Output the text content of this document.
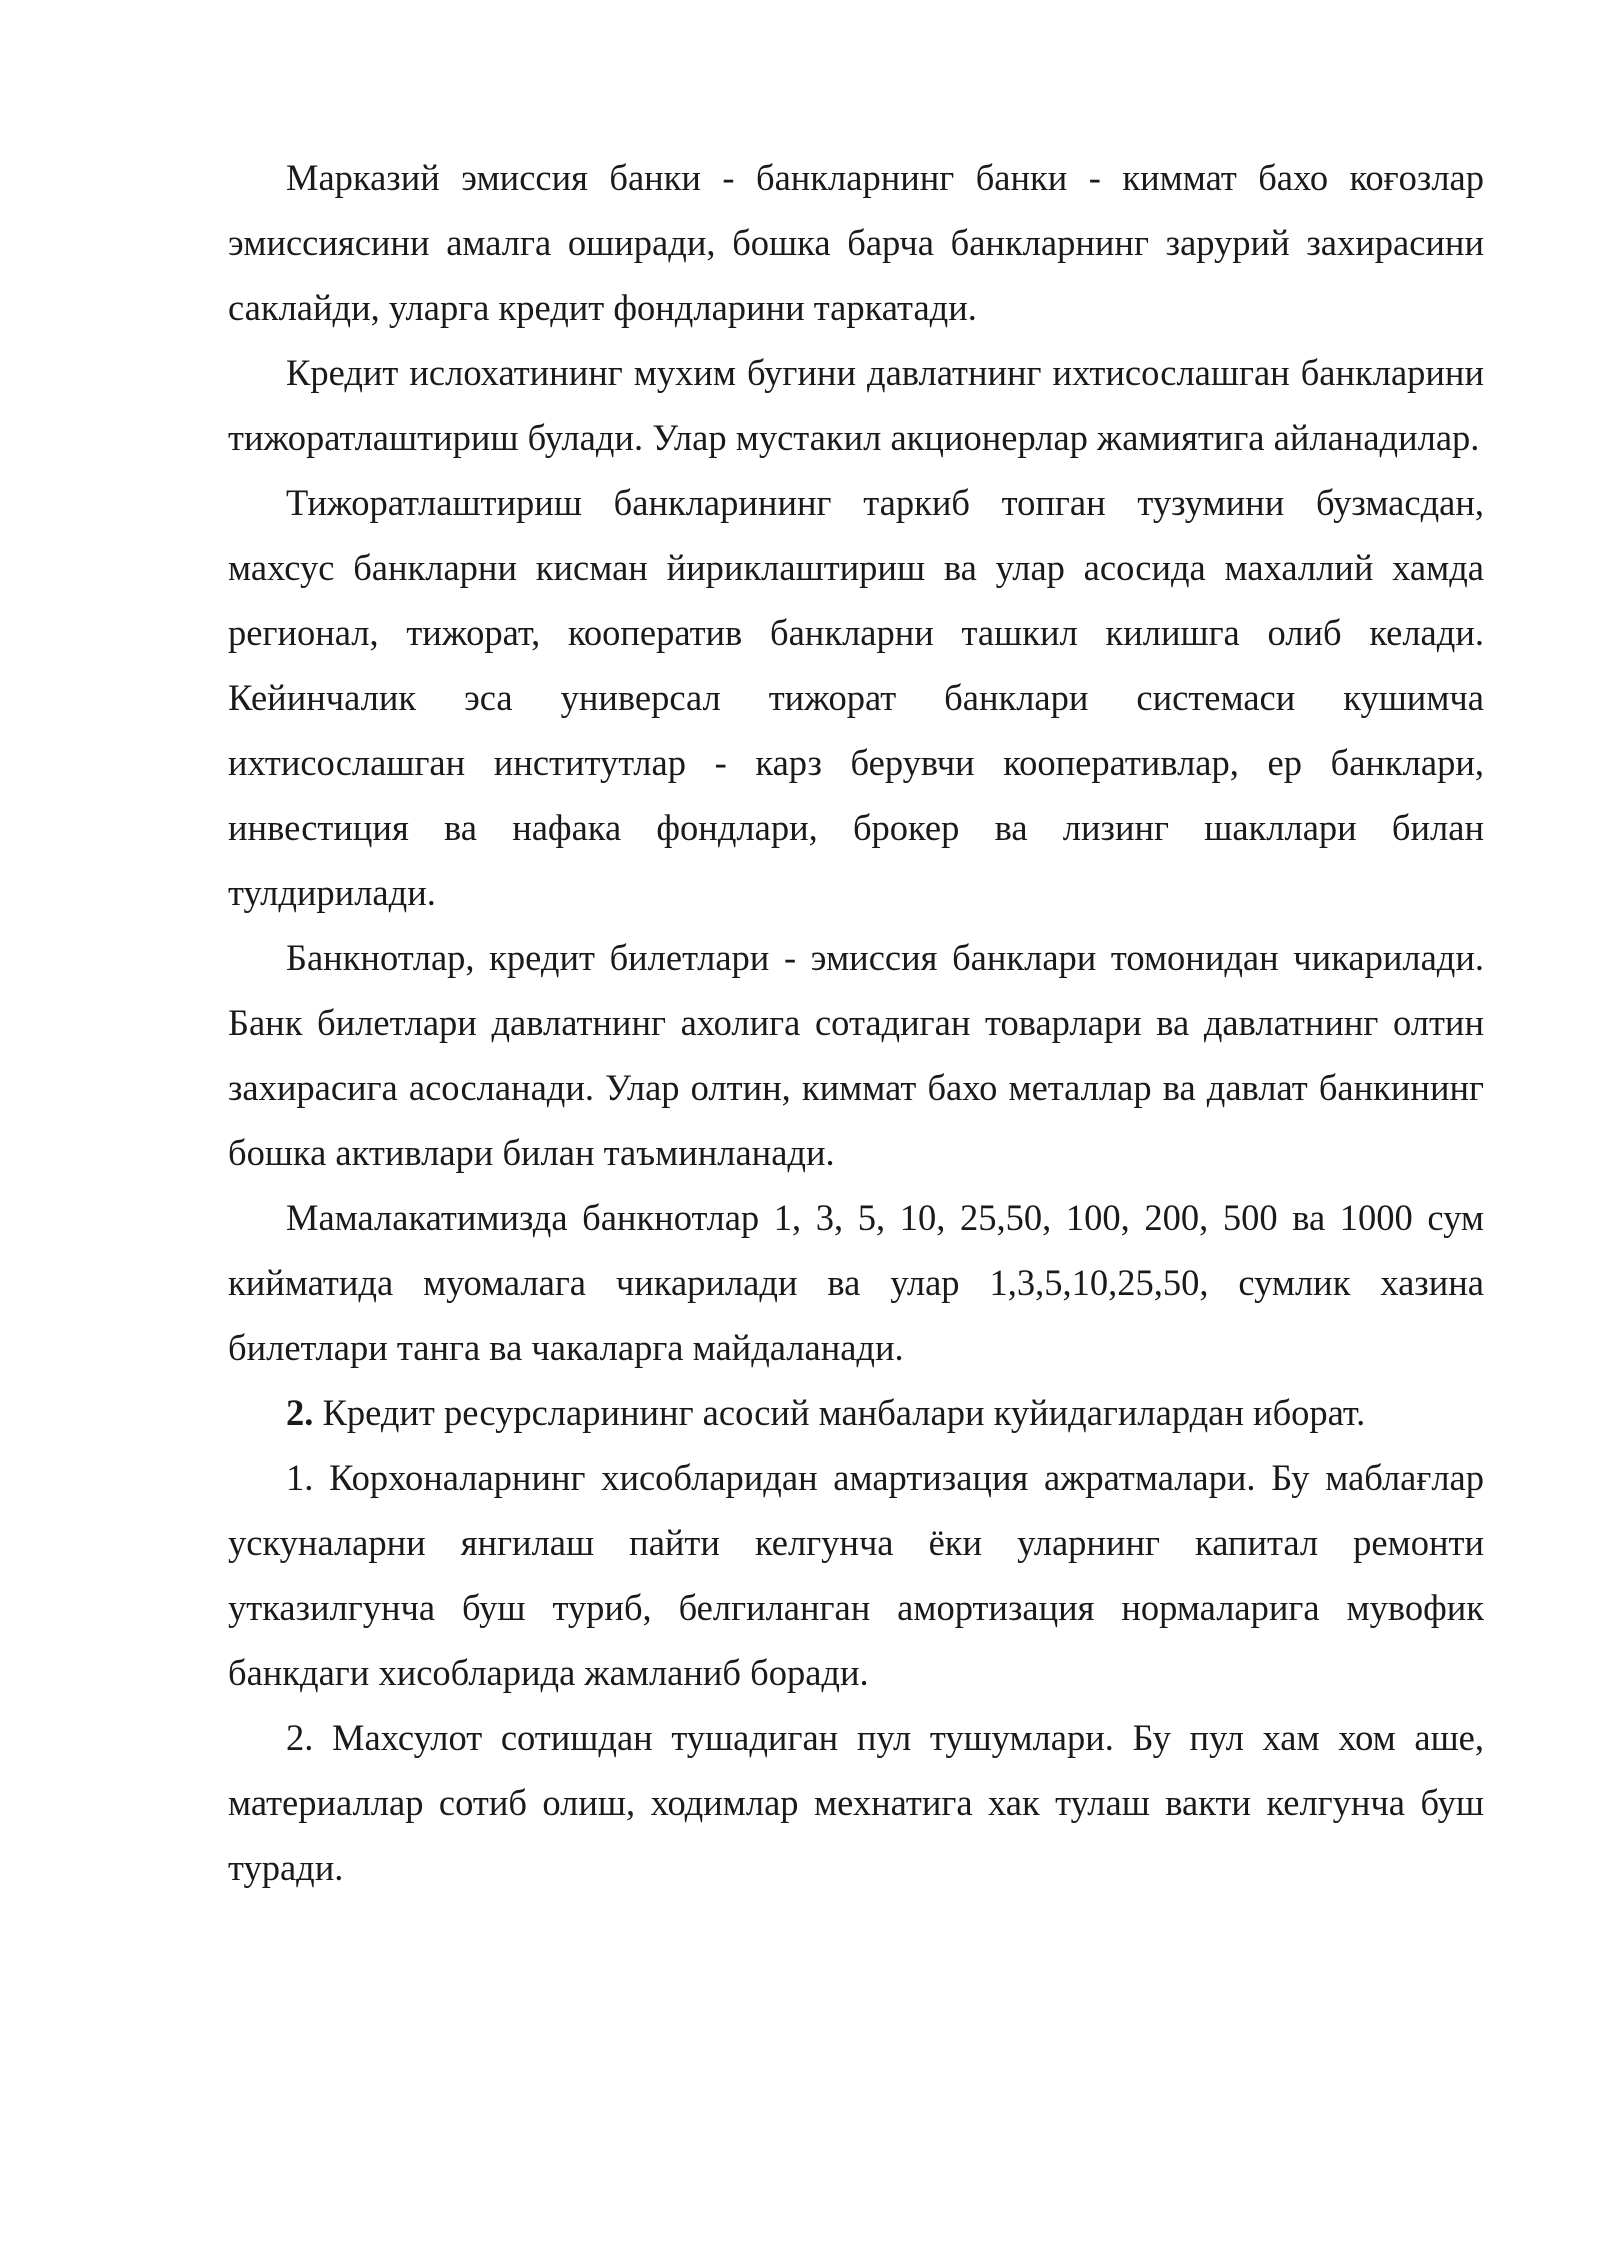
Марказий эмиссия банки - банкларнинг банки - киммат бахо коғозлар эмиссиясини амалга оширади, бошка барча банкларнинг зарурий захирасини саклайди, уларга кредит фондларини таркатади.

Кредит ислохатининг мухим бугини давлатнинг ихтисослашган банкларини тижоратлаштириш булади. Улар мустакил акционерлар жамиятига айланадилар.

Тижоратлаштириш банкларининг таркиб топган тузумини бузмасдан, махсус банкларни кисман йириклаштириш ва улар асосида махаллий хамда регионал, тижорат, кооператив банкларни ташкил килишга олиб келади. Кейинчалик эса универсал тижорат банклари системаси кушимча ихтисослашган институтлар - карз берувчи кооперативлар, ер банклари, инвестиция ва нафака фондлари, брокер ва лизинг шакллари билан тулдирилади.

Банкнотлар, кредит билетлари - эмиссия банклари томонидан чикарилади. Банк билетлари давлатнинг ахолига сотадиган товарлари ва давлатнинг олтин захирасига асосланади. Улар олтин, киммат бахо металлар ва давлат банкининг бошка активлари билан таъминланади.

Мамалакатимизда банкнотлар 1, 3, 5, 10, 25,50, 100, 200, 500 ва 1000 сум кийматида муомалага чикарилади ва улар 1,3,5,10,25,50, сумлик хазина билетлари танга ва чакаларга майдаланади.

2. Кредит ресурсларининг асосий манбалари куйидагилардан иборат.

1. Корхоналарнинг хисобларидан амартизация ажратмалари. Бу маблағлар ускуналарни янгилаш пайти келгунча ёки уларнинг капитал ремонти утказилгунча буш туриб, белгиланган амортизация нормаларига мувофик банкдаги хисобларида жамланиб боради.

2. Махсулот сотишдан тушадиган пул тушумлари. Бу пул хам хом аше, материаллар сотиб олиш, ходимлар мехнатига хак тулаш вакти келгунча буш туради.
